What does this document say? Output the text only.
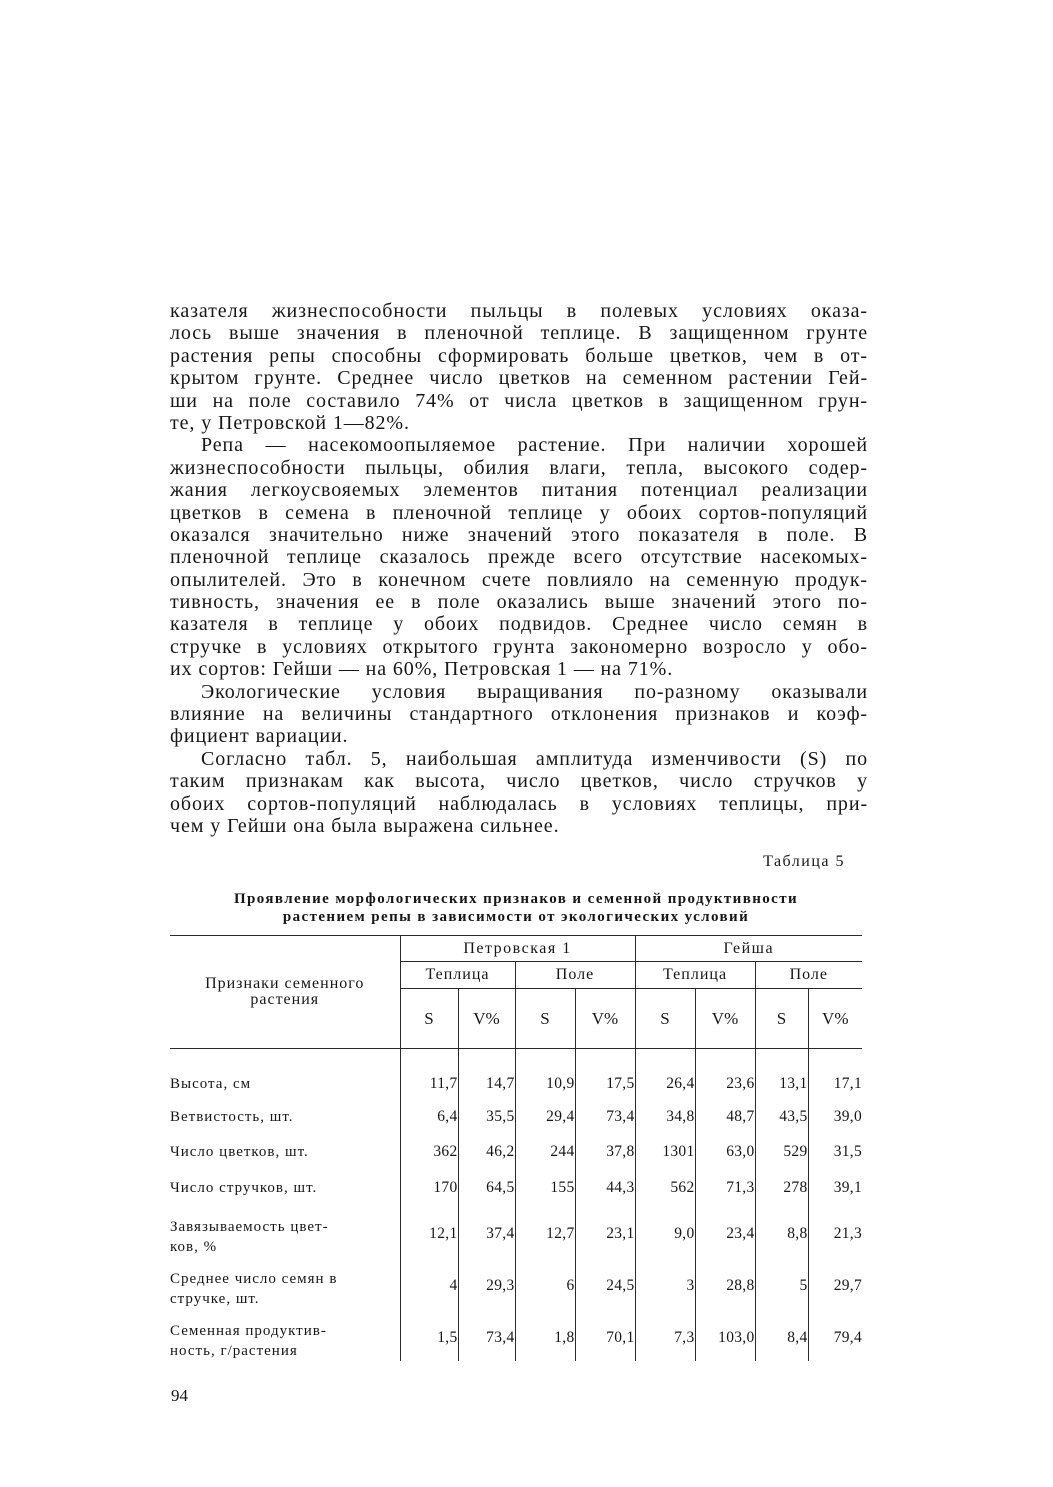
казателя жизнеспособности пыльцы в полевых условиях оказа-
лось выше значения в пленочной теплице. В защищенном грунте
растения репы способны сформировать больше цветков, чем в от-
крытом грунте. Среднее число цветков на семенном растении Гей-
ши на поле составило 74% от числа цветков в защищенном грун-
те, у Петровской 1—82%.
Репа — насекомоопыляемое растение. При наличии хорошей
жизнеспособности пыльцы, обилия влаги, тепла, высокого содер-
жания легкоусвояемых элементов питания потенциал реализации
цветков в семена в пленочной теплице у обоих сортов-популяций
оказался значительно ниже значений этого показателя в поле. В
пленочной теплице сказалось прежде всего отсутствие насекомых-
опылителей. Это в конечном счете повлияло на семенную продук-
тивность, значения ее в поле оказались выше значений этого по-
казателя в теплице у обоих подвидов. Среднее число семян в
стручке в условиях открытого грунта закономерно возросло у обо-
их сортов: Гейши — на 60%, Петровская 1 — на 71%.
Экологические условия выращивания по-разному оказывали
влияние на величины стандартного отклонения признаков и коэф-
фициент вариации.
Согласно табл. 5, наибольшая амплитуда изменчивости (S) по
таким признакам как высота, число цветков, число стручков у
обоих сортов-популяций наблюдалась в условиях теплицы, при-
чем у Гейши она была выражена сильнее.
Таблица 5
Проявление морфологических признаков и семенной продуктивности
растением репы в зависимости от экологических условий
Признаки семенного
растения	Петровская 1				Гейша			
	Теплица		Поле		Теплица		Поле	
	S	V%	S	V%	S	V%	S	V%

Высота, см	11,7	14,7	10,9	17,5	26,4	23,6	13,1	17,1

Ветвистость, шт.	6,4	35,5	29,4	73,4	34,8	48,7	43,5	39,0

Число цветков, шт.	362	46,2	244	37,8	1301	63,0	529	31,5

Число стручков, шт.	170	64,5	155	44,3	562	71,3	278	39,1

Завязываемость цвет-
ков, %	12,1	37,4	12,7	23,1	9,0	23,4	8,8	21,3

Среднее число семян в
стручке, шт.	4	29,3	6	24,5	3	28,8	5	29,7

Семенная продуктив-
ность, г/растения	1,5	73,4	1,8	70,1	7,3	103,0	8,4	79,4
94
